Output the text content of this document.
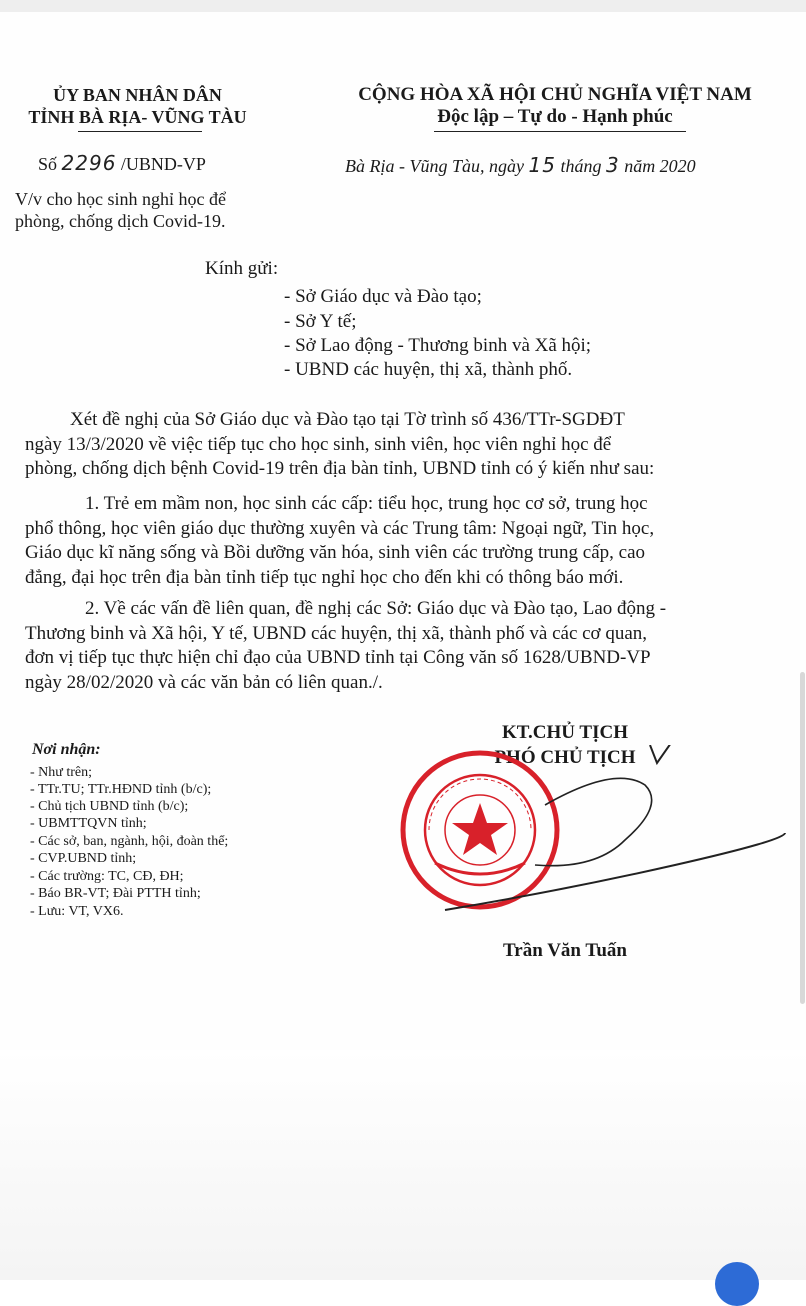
ỦY BAN NHÂN DÂN
TỈNH BÀ RỊA- VŨNG TÀU
CỘNG HÒA XÃ HỘI CHỦ NGHĨA VIỆT NAM
Độc lập – Tự do - Hạnh phúc
Số 2296 /UBND-VP	Bà Rịa - Vũng Tàu, ngày 15 tháng 3 năm 2020
V/v cho học sinh nghỉ học để
phòng, chống dịch Covid-19.
Kính gửi:
- Sở Giáo dục và Đào tạo;
- Sở Y tế;
- Sở Lao động - Thương binh và Xã hội;
- UBND các huyện, thị xã, thành phố.
Xét đề nghị của Sở Giáo dục và Đào tạo tại Tờ trình số 436/TTr-SGDĐT
ngày 13/3/2020 về việc tiếp tục cho học sinh, sinh viên, học viên nghỉ học để
phòng, chống dịch bệnh Covid-19 trên địa bàn tỉnh, UBND tỉnh có ý kiến như sau:
1. Trẻ em mầm non, học sinh các cấp: tiểu học, trung học cơ sở, trung học
phổ thông, học viên giáo dục thường xuyên và các Trung tâm: Ngoại ngữ, Tin học,
Giáo dục kĩ năng sống và Bồi dưỡng văn hóa, sinh viên các trường trung cấp, cao
đẳng, đại học trên địa bàn tỉnh tiếp tục nghỉ học cho đến khi có thông báo mới.
2. Về các vấn đề liên quan, đề nghị các Sở: Giáo dục và Đào tạo, Lao động -
Thương binh và Xã hội, Y tế, UBND các huyện, thị xã, thành phố và các cơ quan,
đơn vị tiếp tục thực hiện chỉ đạo của UBND tỉnh tại Công văn số 1628/UBND-VP
ngày 28/02/2020 và các văn bản có liên quan./.
Nơi nhận:
- Như trên;
- TTr.TU; TTr.HĐND tỉnh (b/c);
- Chủ tịch UBND tỉnh (b/c);
- UBMTTQVN tỉnh;
- Các sở, ban, ngành, hội, đoàn thể;
- CVP.UBND tỉnh;
- Các trường: TC, CĐ, ĐH;
- Báo BR-VT; Đài PTTH tỉnh;
- Lưu: VT, VX6.
KT.CHỦ TỊCH
PHÓ CHỦ TỊCH
Trần Văn Tuấn
